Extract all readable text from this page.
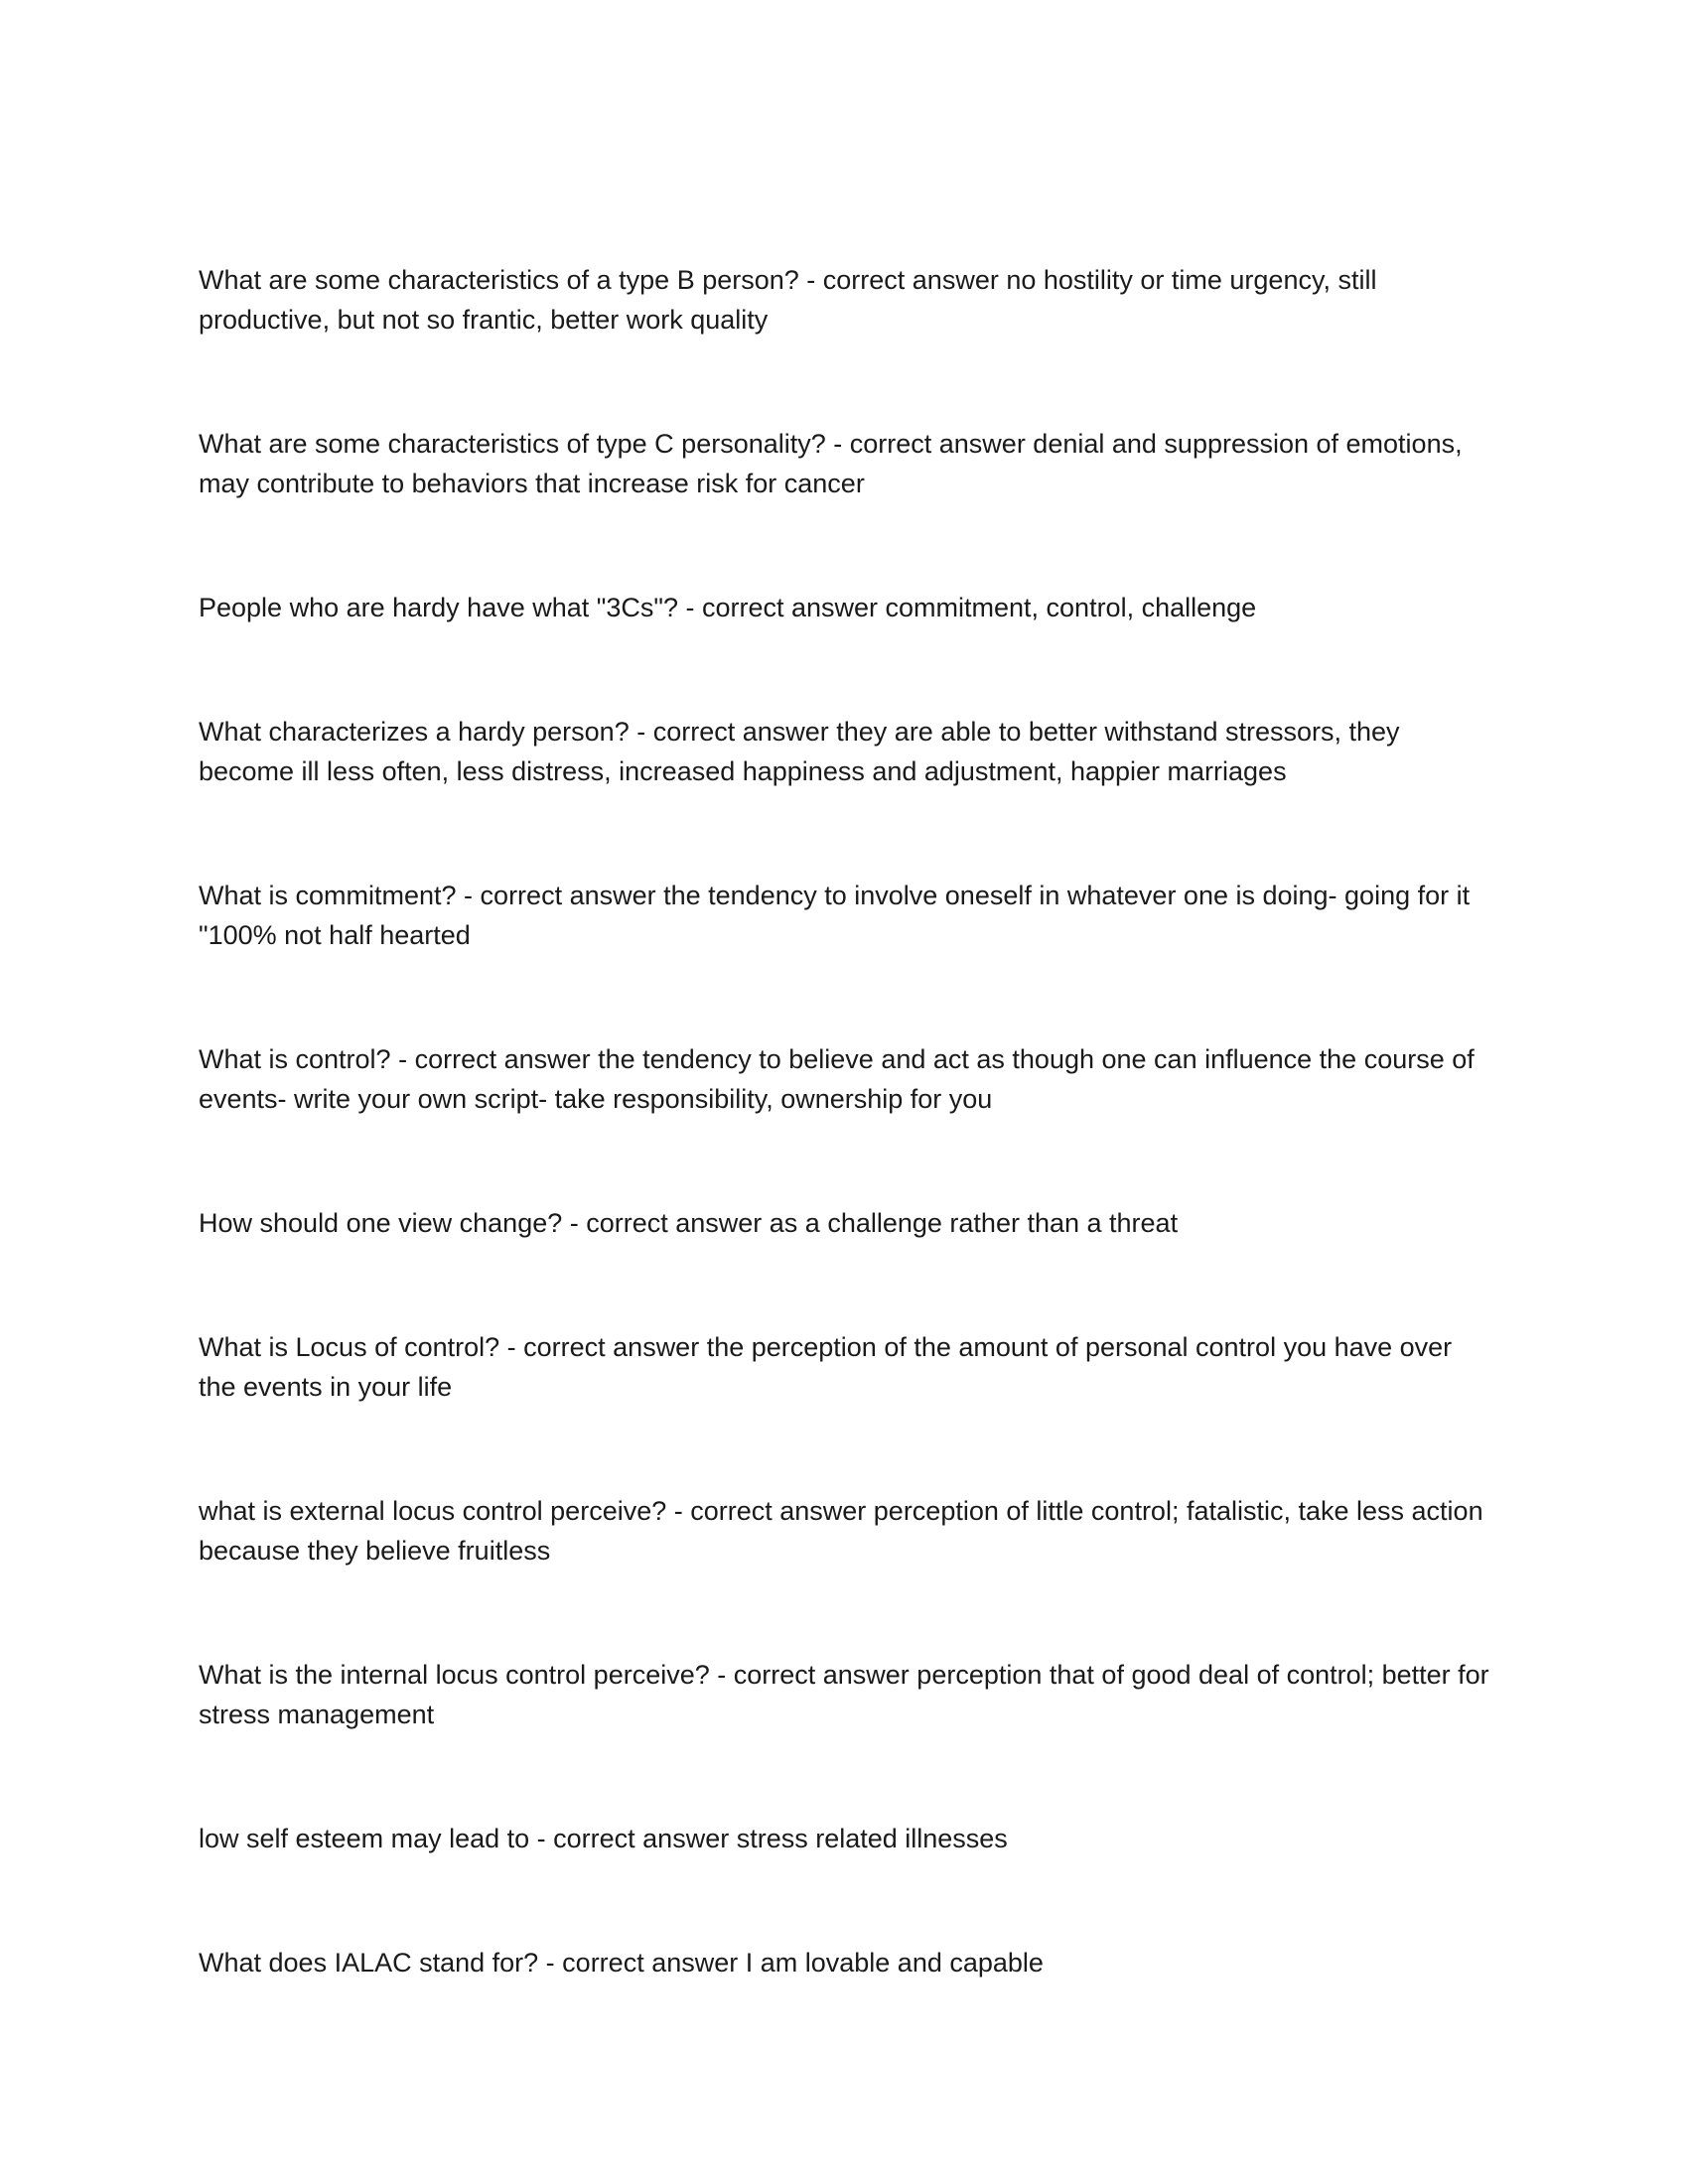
What are some characteristics of a type B person? - correct answer no hostility or time urgency, still productive, but not so frantic, better work quality

What are some characteristics of type C personality? - correct answer denial and suppression of emotions, may contribute to behaviors that increase risk for cancer

People who are hardy have what "3Cs"? - correct answer commitment, control, challenge

What characterizes a hardy person? - correct answer they are able to better withstand stressors, they become ill less often, less distress, increased happiness and adjustment, happier marriages

What is commitment? - correct answer the tendency to involve oneself in whatever one is doing- going for it "100% not half hearted

What is control? - correct answer the tendency to believe and act as though one can influence the course of events- write your own script- take responsibility, ownership for you

How should one view change? - correct answer as a challenge rather than a threat

What is Locus of control? - correct answer the perception of the amount of personal control you have over the events in your life

what is external locus control perceive? - correct answer perception of little control; fatalistic, take less action because they believe fruitless

What is the internal locus control perceive? - correct answer perception that of good deal of control; better for stress management

low self esteem may lead to - correct answer stress related illnesses

What does IALAC stand for? - correct answer I am lovable and capable
